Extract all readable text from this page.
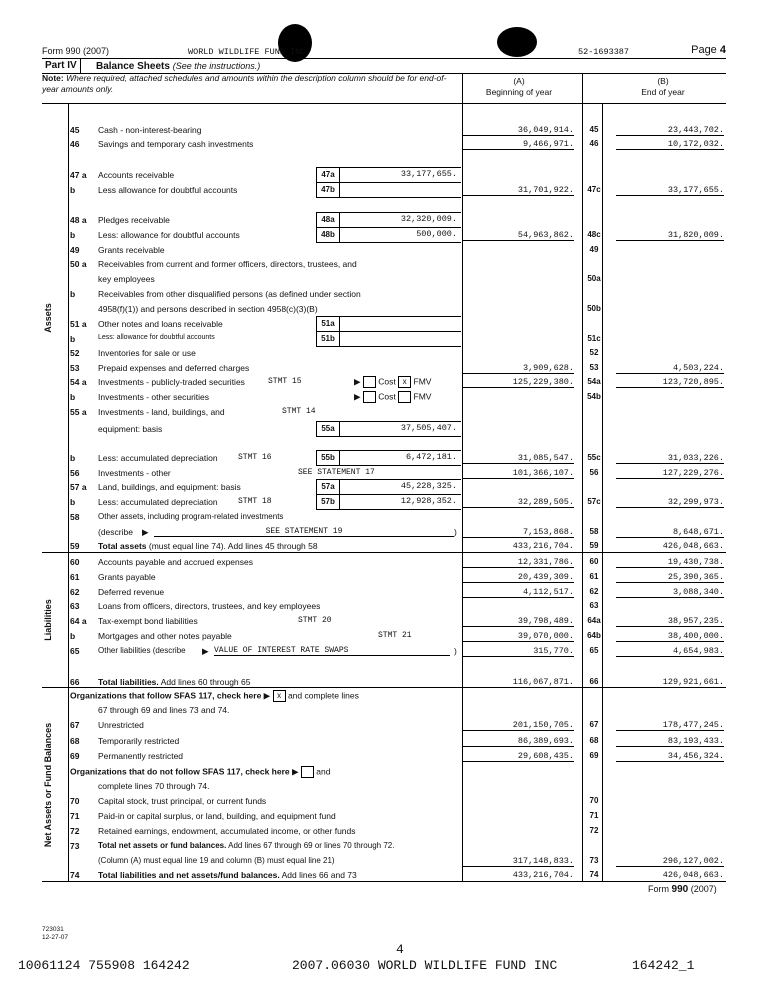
Form 990 (2007)	WORLD WILDLIFE FUND INC	52-1693387	Page 4
Part IV	Balance Sheets (See the instructions.)
Note: Where required, attached schedules and amounts within the description column should be for end-of-year amounts only.
(A)
Beginning of year
(B)
End of year
Assets
Liabilities
Net Assets or Fund Balances
45 Cash - non-interest-bearing	36,049,914.	45	23,443,702.
46 Savings and temporary cash investments	9,466,971.	46	10,172,032.
47 a Accounts receivable	47a	33,177,655.
b	Less allowance for doubtful accounts	47b	31,701,922.	47c	33,177,655.
48 a Pledges receivable	48a	32,320,009.
b	Less: allowance for doubtful accounts	48b	500,000.	54,963,862.	48c	31,820,009.
49 Grants receivable	49
50 a Receivables from current and former officers, directors, trustees, and
key employees	50a
b	Receivables from other disqualified persons (as defined under section
4958(f)(1)) and persons described in section 4958(c)(3)(B)	50b
51 a Other notes and loans receivable	51a
b	Less: allowance for doubtful accounts	51b	51c
52 Inventories for sale or use	52
53 Prepaid expenses and deferred charges	3,909,628.	53	4,503,224.
54 a Investments - publicly-traded securities	STMT 15	▶  Cost x FMV	125,229,380.	54a	123,720,895.
b	Investments - other securities	▶  Cost FMV	54b
55 a Investments - land, buildings, and	STMT 14
equipment: basis	55a	37,505,407.
b	Less: accumulated depreciation	STMT 16	55b	6,472,181.	31,085,547.	55c	31,033,226.
56 Investments - other	SEE STATEMENT 17	101,366,107.	56	127,229,276.
57 a Land, buildings, and equipment: basis	57a	45,228,325.
b	Less: accumulated depreciation	STMT 18	57b	12,928,352.	32,289,505.	57c	32,299,973.
58 Other assets, including program-related investments
(describe ▶	SEE STATEMENT 19	)	7,153,868.	58	8,648,671.
59 Total assets (must equal line 74). Add lines 45 through 58	433,216,704.	59	426,048,663.
60 Accounts payable and accrued expenses	12,331,786.	60	19,430,738.
61 Grants payable	20,439,309.	61	25,390,365.
62 Deferred revenue	4,112,517.	62	3,088,340.
63 Loans from officers, directors, trustees, and key employees	63
64 a Tax-exempt bond liabilities	STMT 20	39,798,489.	64a	38,957,235.
b	Mortgages and other notes payable	STMT 21	39,070,000.	64b	38,400,000.
65 Other liabilities (describe ▶ VALUE OF INTEREST RATE SWAPS	)	315,770.	65	4,654,983.
66 Total liabilities. Add lines 60 through 65	116,067,871.	66	129,921,661.
Organizations that follow SFAS 117, check here ▶ x and complete lines
67 through 69 and lines 73 and 74.
67 Unrestricted	201,150,705.	67	178,477,245.
68 Temporarily restricted	86,389,693.	68	83,193,433.
69 Permanently restricted	29,608,435.	69	34,456,324.
Organizations that do not follow SFAS 117, check here ▶  and
complete lines 70 through 74.
70 Capital stock, trust principal, or current funds	70
71 Paid-in or capital surplus, or land, building, and equipment fund	71
72 Retained earnings, endowment, accumulated income, or other funds	72
73 Total net assets or fund balances. Add lines 67 through 69 or lines 70 through 72.
(Column (A) must equal line 19 and column (B) must equal line 21)	317,148,833.	73	296,127,002.
74 Total liabilities and net assets/fund balances. Add lines 66 and 73	433,216,704.	74	426,048,663.
Form 990 (2007)
723031
12-27-07
4
10061124 755908 164242	2007.06030 WORLD WILDLIFE FUND INC	164242_1
